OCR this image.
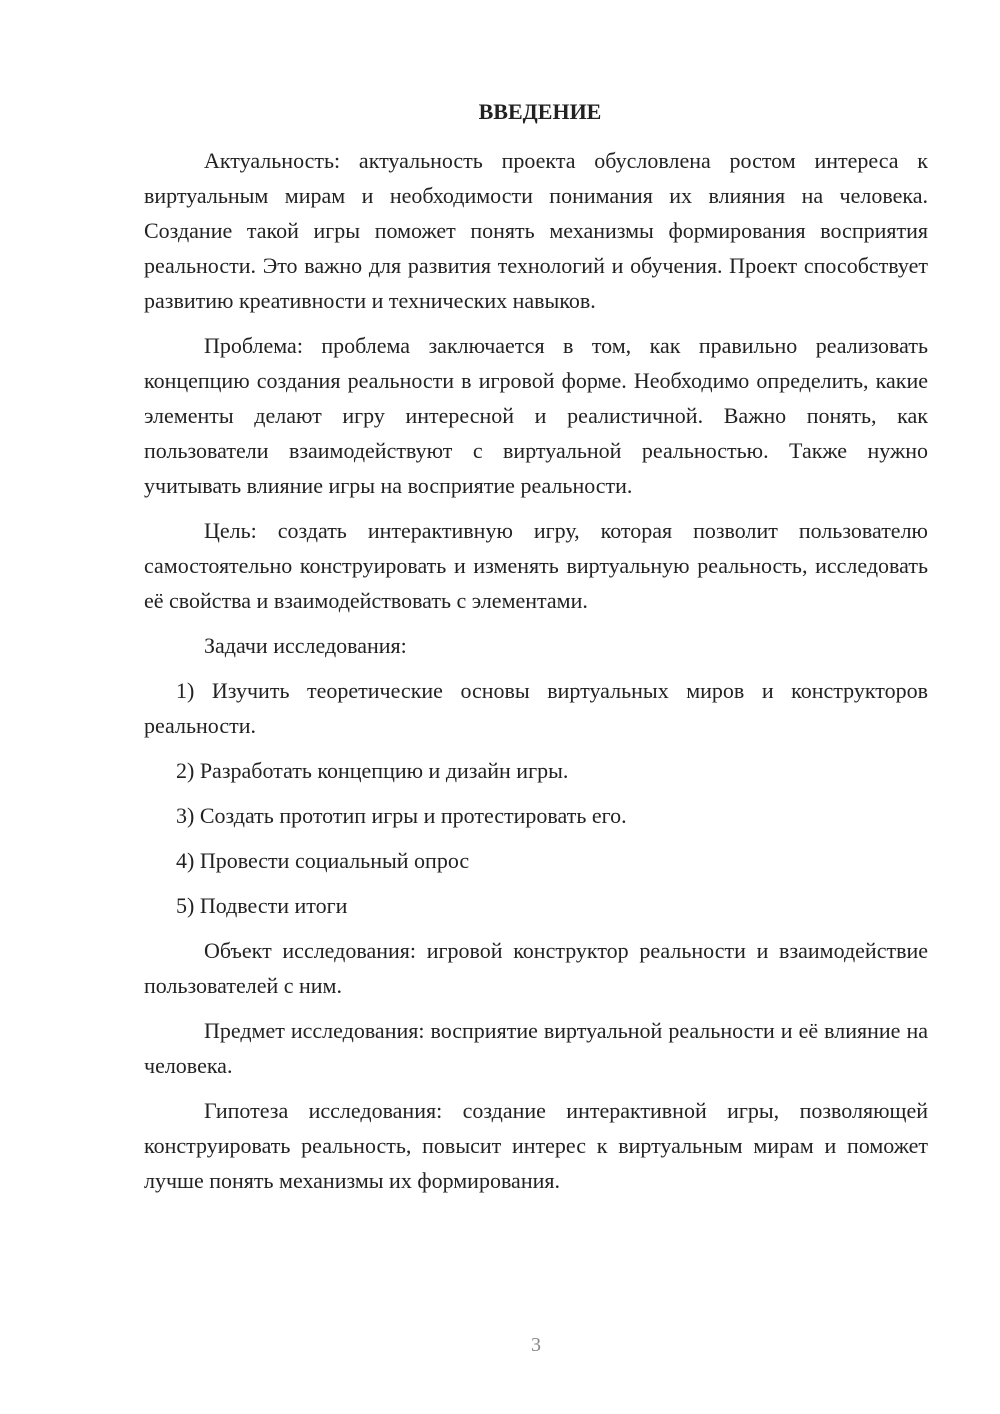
ВВЕДЕНИЕ

Актуальность: актуальность проекта обусловлена ростом интереса к виртуальным мирам и необходимости понимания их влияния на человека. Создание такой игры поможет понять механизмы формирования восприятия реальности. Это важно для развития технологий и обучения. Проект способствует развитию креативности и технических навыков.

Проблема: проблема заключается в том, как правильно реализовать концепцию создания реальности в игровой форме. Необходимо определить, какие элементы делают игру интересной и реалистичной. Важно понять, как пользователи взаимодействуют с виртуальной реальностью. Также нужно учитывать влияние игры на восприятие реальности.

Цель: создать интерактивную игру, которая позволит пользователю самостоятельно конструировать и изменять виртуальную реальность, исследовать её свойства и взаимодействовать с элементами.

Задачи исследования:

1) Изучить теоретические основы виртуальных миров и конструкторов реальности.

2) Разработать концепцию и дизайн игры.

3) Создать прототип игры и протестировать его.

4) Провести социальный опрос

5) Подвести итоги

Объект исследования: игровой конструктор реальности и взаимодействие пользователей с ним.

Предмет исследования: восприятие виртуальной реальности и её влияние на человека.

Гипотеза исследования: создание интерактивной игры, позволяющей конструировать реальность, повысит интерес к виртуальным мирам и поможет лучше понять механизмы их формирования.

3
